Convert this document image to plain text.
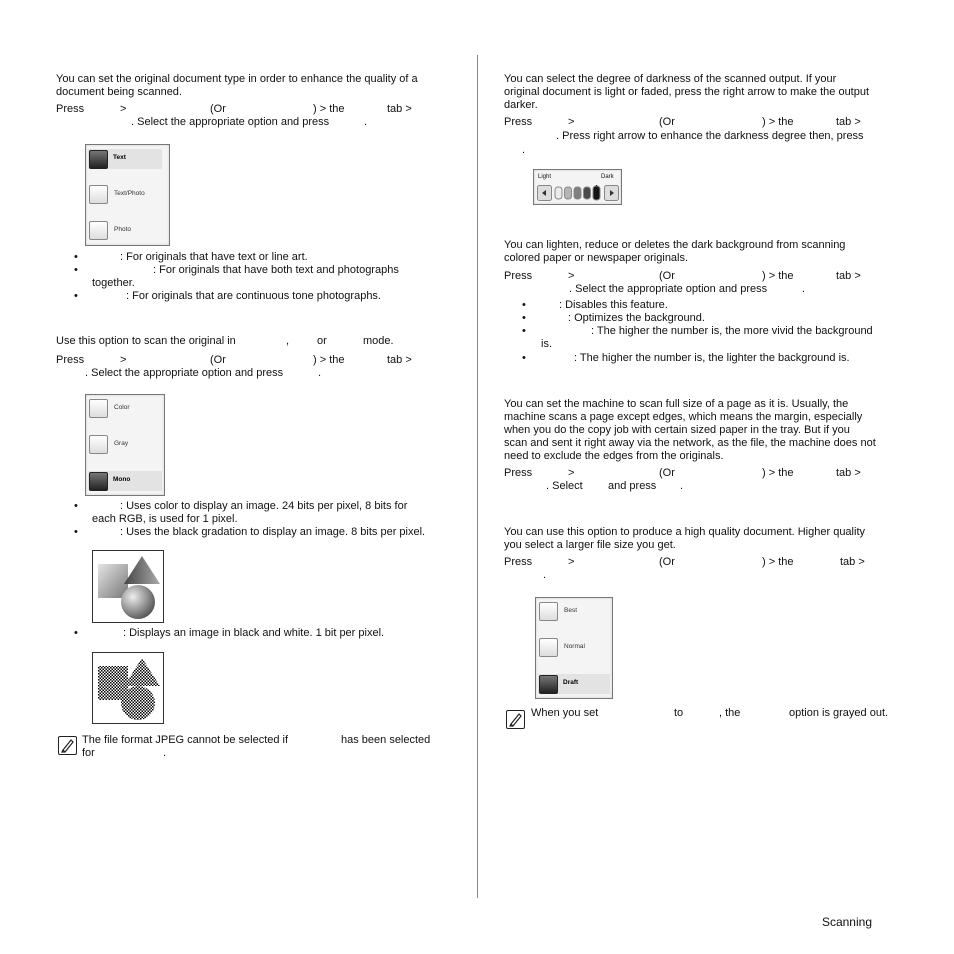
You can set the original document type in order to enhance the quality of a
document being scanned.
Press	>	(Or	) > the	tab >
. Select the appropriate option and press	.
Text
Text/Photo
Photo
•	: For originals that have text or line art.
•	: For originals that have both text and photographs
together.
•	: For originals that are continuous tone photographs.
Use this option to scan the original in	,	or	mode.
Press	>	(Or	) > the	tab >
. Select the appropriate option and press	.
Color
Gray
Mono
•	: Uses color to display an image. 24 bits per pixel, 8 bits for
each RGB, is used for 1 pixel.
•	: Uses the black gradation to display an image. 8 bits per pixel.
•	: Displays an image in black and white. 1 bit per pixel.
The file format JPEG cannot be selected if	has been selected
for	.
You can select the degree of darkness of the scanned output. If your
original document is light or faded, press the right arrow to make the output
darker.
Press	>	(Or	) > the	tab >
. Press right arrow to enhance the darkness degree then, press
.
Light	Dark
You can lighten, reduce or deletes the dark background from scanning
colored paper or newspaper originals.
Press	>	(Or	) > the	tab >
. Select the appropriate option and press	.
•	: Disables this feature.
•	: Optimizes the background.
•	: The higher the number is, the more vivid the background
is.
•	: The higher the number is, the lighter the background is.
You can set the machine to scan full size of a page as it is. Usually, the
machine scans a page except edges, which means the margin, especially
when you do the copy job with certain sized paper in the tray. But if you
scan and sent it right away via the network, as the file, the machine does not
need to exclude the edges from the originals.
Press	>	(Or	) > the	tab >
. Select and press .
You can use this option to produce a high quality document. Higher quality
you select a larger file size you get.
Press	>	(Or	) > the	tab >
.
Best
Normal
Draft
When you set	to	, the	option is grayed out.
Scanning
